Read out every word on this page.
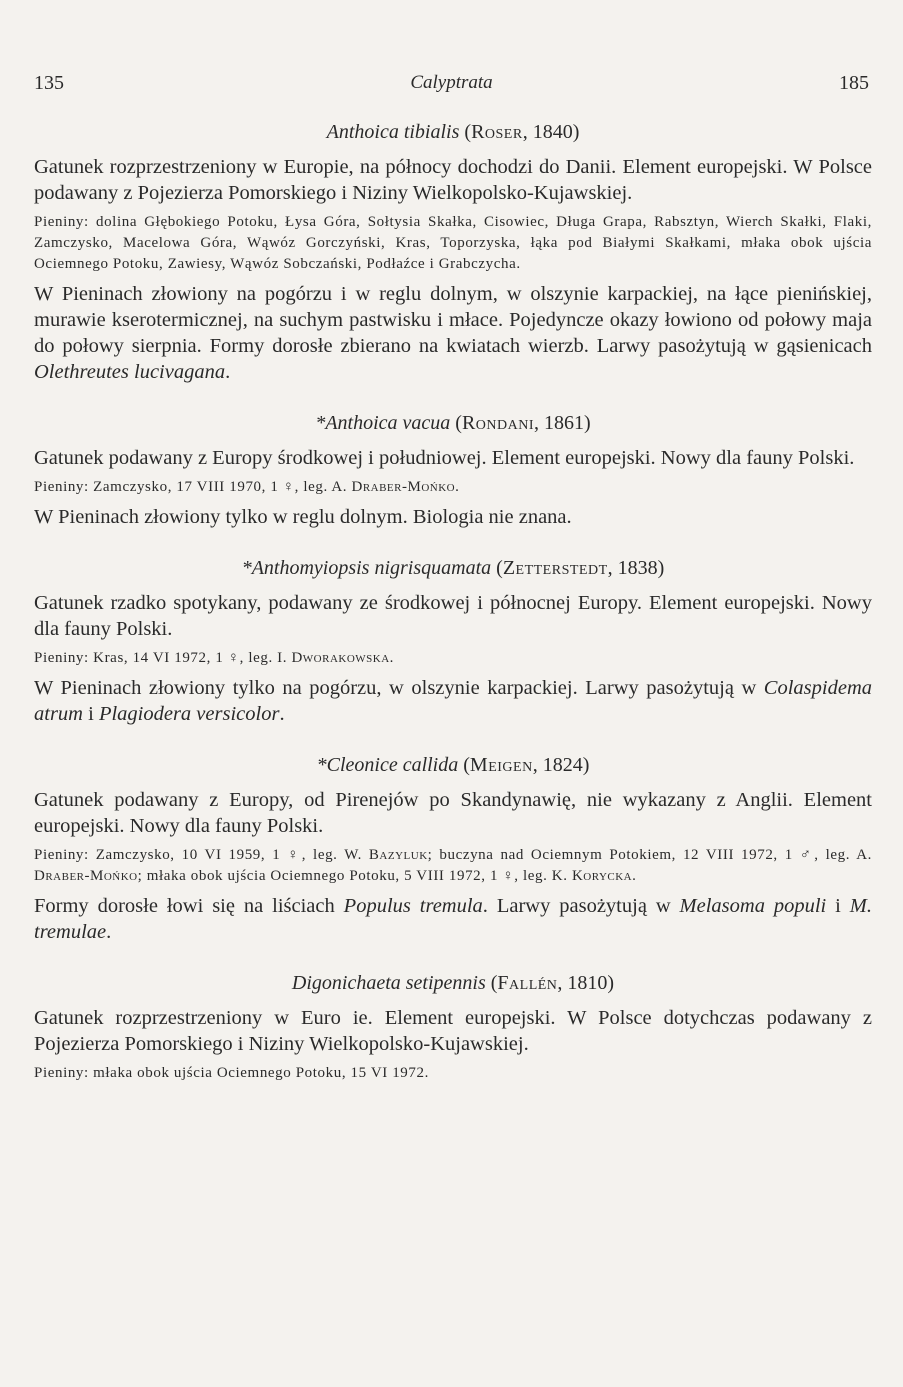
135	Calyptrata	185

Anthoica tibialis (Roser, 1840)

Gatunek rozprzestrzeniony w Europie, na północy dochodzi do Danii. Element europejski. W Polsce podawany z Pojezierza Pomorskiego i Niziny Wielkopolsko-Kujawskiej.

Pieniny: dolina Głębokiego Potoku, Łysa Góra, Sołtysia Skałka, Cisowiec, Długa Grapa, Rabsztyn, Wierch Skałki, Flaki, Zamczysko, Macelowa Góra, Wąwóz Gorczyński, Kras, Toporzyska, łąka pod Białymi Skałkami, młaka obok ujścia Ociemnego Potoku, Zawiesy, Wąwóz Sobczański, Podłaźce i Grabczycha.

W Pieninach złowiony na pogórzu i w reglu dolnym, w olszynie karpackiej, na łące pienińskiej, murawie kserotermicznej, na suchym pastwisku i młace. Pojedyncze okazy łowiono od połowy maja do połowy sierpnia. Formy dorosłe zbierano na kwiatach wierzb. Larwy pasożytują w gąsienicach Olethreutes lucivagana.

*Anthoica vacua (Rondani, 1861)

Gatunek podawany z Europy środkowej i południowej. Element europejski. Nowy dla fauny Polski.

Pieniny: Zamczysko, 17 VIII 1970, 1 ♀, leg. A. Draber-Mońko.

W Pieninach złowiony tylko w reglu dolnym. Biologia nie znana.

*Anthomyiopsis nigrisquamata (Zetterstedt, 1838)

Gatunek rzadko spotykany, podawany ze środkowej i północnej Europy. Element europejski. Nowy dla fauny Polski.

Pieniny: Kras, 14 VI 1972, 1 ♀, leg. I. Dworakowska.

W Pieninach złowiony tylko na pogórzu, w olszynie karpackiej. Larwy pasożytują w Colaspidema atrum i Plagiodera versicolor.

*Cleonice callida (Meigen, 1824)

Gatunek podawany z Europy, od Pirenejów po Skandynawię, nie wykazany z Anglii. Element europejski. Nowy dla fauny Polski.

Pieniny: Zamczysko, 10 VI 1959, 1 ♀, leg. W. Bazyluk; buczyna nad Ociemnym Potokiem, 12 VIII 1972, 1 ♂, leg. A. Draber-Mońko; młaka obok ujścia Ociemnego Potoku, 5 VIII 1972, 1 ♀, leg. K. Korycka.

Formy dorosłe łowi się na liściach Populus tremula. Larwy pasożytują w Melasoma populi i M. tremulae.

Digonichaeta setipennis (Fallén, 1810)

Gatunek rozprzestrzeniony w Euro ie. Element europejski. W Polsce dotychczas podawany z Pojezierza Pomorskiego i Niziny Wielkopolsko-Kujawskiej.

Pieniny: młaka obok ujścia Ociemnego Potoku, 15 VI 1972.
